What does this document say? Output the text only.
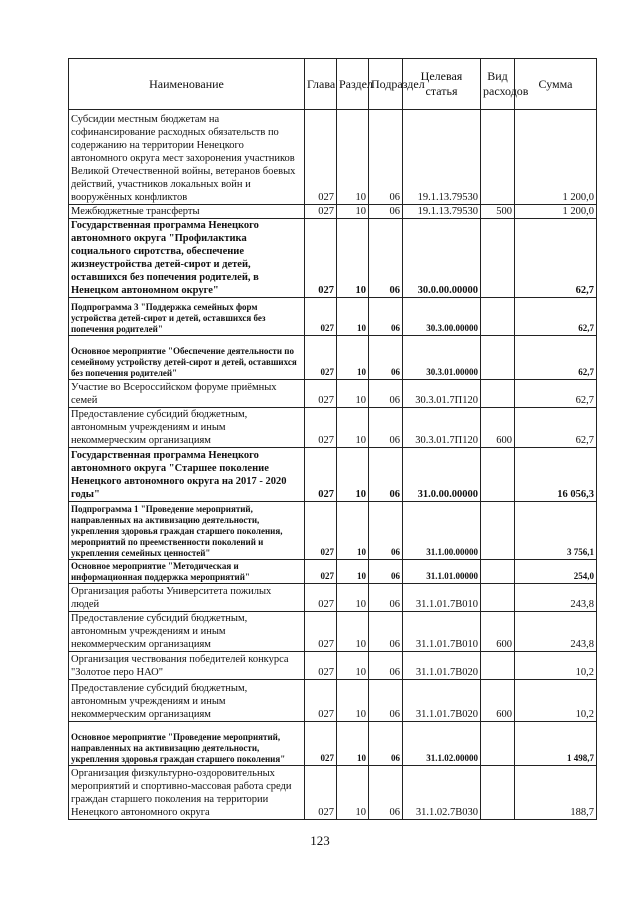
Наименование	Глава	Раздел	Подраздел	Целевая статья	Вид расходов	Сумма
Субсидии местным бюджетам на софинансирование расходных обязательств по содержанию на территории Ненецкого автономного округа мест захоронения участников Великой Отечественной войны, ветеранов боевых действий, участников локальных войн и вооружённых конфликтов	027	10	06	19.1.13.79530		1 200,0
Межбюджетные трансферты	027	10	06	19.1.13.79530	500	1 200,0
Государственная программа Ненецкого автономного округа "Профилактика социального сиротства, обеспечение жизнеустройства детей-сирот и детей, оставшихся без попечения родителей, в Ненецком автономном округе"	027	10	06	30.0.00.00000		62,7
Подпрограмма 3 "Поддержка семейных форм устройства детей-сирот и детей, оставшихся без попечения родителей"	027	10	06	30.3.00.00000		62,7
Основное мероприятие "Обеспечение деятельности по семейному устройству детей-сирот и детей, оставшихся без попечения родителей"	027	10	06	30.3.01.00000		62,7
Участие во Всероссийском форуме приёмных семей	027	10	06	30.3.01.7П120		62,7
Предоставление субсидий бюджетным, автономным учреждениям и иным некоммерческим организациям	027	10	06	30.3.01.7П120	600	62,7
Государственная программа Ненецкого автономного округа "Старшее поколение Ненецкого автономного округа на 2017 - 2020 годы"	027	10	06	31.0.00.00000		16 056,3
Подпрограмма 1 "Проведение мероприятий, направленных на активизацию деятельности, укрепления здоровья граждан старшего поколения, мероприятий по преемственности поколений и укрепления семейных ценностей"	027	10	06	31.1.00.00000		3 756,1
Основное мероприятие "Методическая и информационная поддержка мероприятий"	027	10	06	31.1.01.00000		254,0
Организация работы Университета пожилых людей	027	10	06	31.1.01.7В010		243,8
Предоставление субсидий бюджетным, автономным учреждениям и иным некоммерческим организациям	027	10	06	31.1.01.7В010	600	243,8
Организация чествования победителей конкурса "Золотое перо НАО"	027	10	06	31.1.01.7В020		10,2
Предоставление субсидий бюджетным, автономным учреждениям и иным некоммерческим организациям	027	10	06	31.1.01.7В020	600	10,2
Основное мероприятие "Проведение мероприятий, направленных на активизацию деятельности, укрепления здоровья граждан старшего поколения"	027	10	06	31.1.02.00000		1 498,7
Организация физкультурно-оздоровительных мероприятий и спортивно-массовая работа среди граждан старшего поколения на территории Ненецкого автономного округа	027	10	06	31.1.02.7В030		188,7
123
